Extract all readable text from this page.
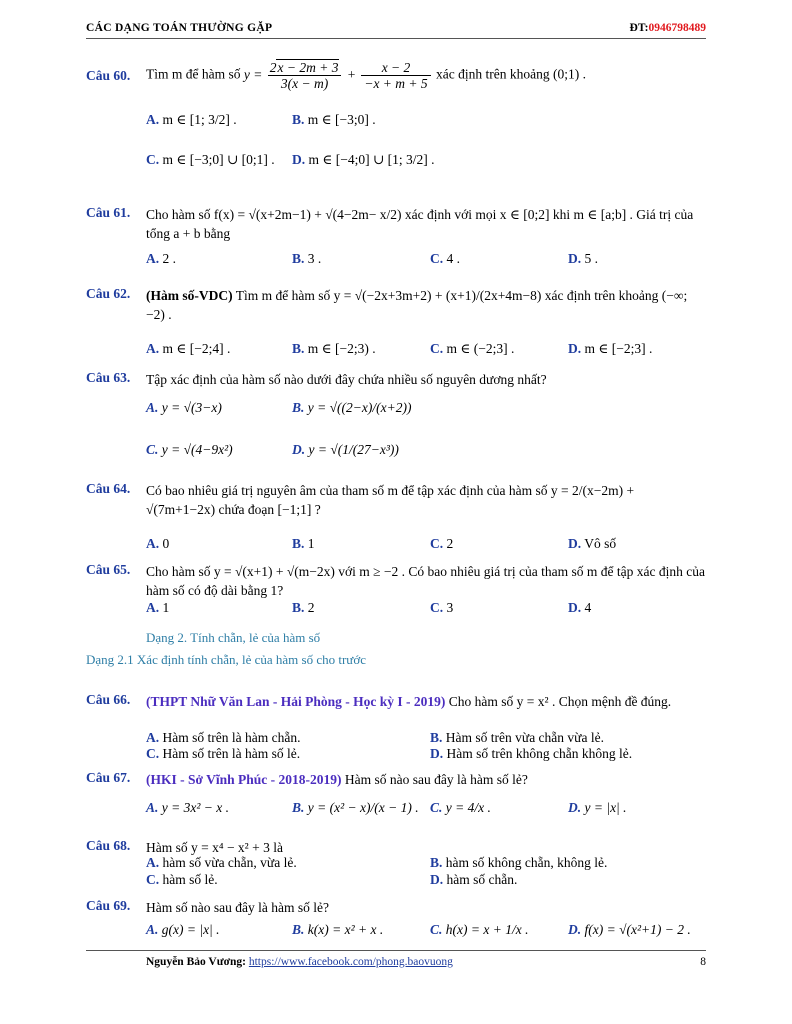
CÁC DẠNG TOÁN THƯỜNG GẶP	ĐT:0946798489
Câu 60. Tìm m để hàm số $y = \frac{2x - 2m + 3}{3(x - m)} + \frac{x - 2}{-x + m + 5}$ xác định trên khoảng (0;1) .
A. m ∈ [1; 3/2] .	B. m ∈ [−3;0] .
C. m ∈ [−3;0] ∪ [0;1] . D. m ∈ [−4;0] ∪ [1; 3/2] .
Câu 61. Cho hàm số f(x) = √(x+2m−1) + √(4−2m− x/2) xác định với mọi x ∈ [0;2] khi m ∈ [a;b] . Giá trị của tổng a + b bằng
A. 2 .	B. 3 .	C. 4 .	D. 5 .
Câu 62. (Hàm số-VDC) Tìm m để hàm số y = √(−2x+3m+2) + (x+1)/(2x+4m−8) xác định trên khoảng (−∞;−2) .
A. m ∈ [−2;4] .	B. m ∈ [−2;3) .	C. m ∈ (−2;3] .	D. m ∈ [−2;3] .
Câu 63. Tập xác định của hàm số nào dưới đây chứa nhiều số nguyên dương nhất?
A. y = √(3−x)	B. y = √((2−x)/(x+2))
C. y = √(4−9x²)	D. y = √(1/(27−x³))
Câu 64. Có bao nhiêu giá trị nguyên âm của tham số m để tập xác định của hàm số y = 2/(x−2m) + √(7m+1−2x) chứa đoạn [−1;1] ?
A. 0	B. 1	C. 2	D. Vô số
Câu 65. Cho hàm số y = √(x+1) + √(m−2x) với m ≥ −2 . Có bao nhiêu giá trị của tham số m để tập xác định của hàm số có độ dài bằng 1?
A. 1	B. 2	C. 3	D. 4
Dạng 2. Tính chẵn, lẻ của hàm số
Dạng 2.1 Xác định tính chẵn, lẻ của hàm số cho trước
Câu 66. (THPT Nhữ Văn Lan - Hải Phòng - Học kỳ I - 2019) Cho hàm số y = x² . Chọn mệnh đề đúng.
A. Hàm số trên là hàm chẵn.	B. Hàm số trên vừa chẵn vừa lẻ.
C. Hàm số trên là hàm số lẻ.	D. Hàm số trên không chẵn không lẻ.
Câu 67. (HKI - Sở Vĩnh Phúc - 2018-2019) Hàm số nào sau đây là hàm số lẻ?
A. y = 3x² − x .	B. y = (x² − x)/(x − 1) . C. y = 4/x .	D. y = |x| .
Câu 68. Hàm số y = x⁴ − x² + 3 là
A. hàm số vừa chẵn, vừa lẻ.	B. hàm số không chẵn, không lẻ.
C. hàm số lẻ.	D. hàm số chẵn.
Câu 69. Hàm số nào sau đây là hàm số lẻ?
A. g(x) = |x| .	B. k(x) = x² + x .	C. h(x) = x + 1/x .	D. f(x) = √(x²+1) − 2 .
Nguyễn Bảo Vương: https://www.facebook.com/phong.baovuong	8
